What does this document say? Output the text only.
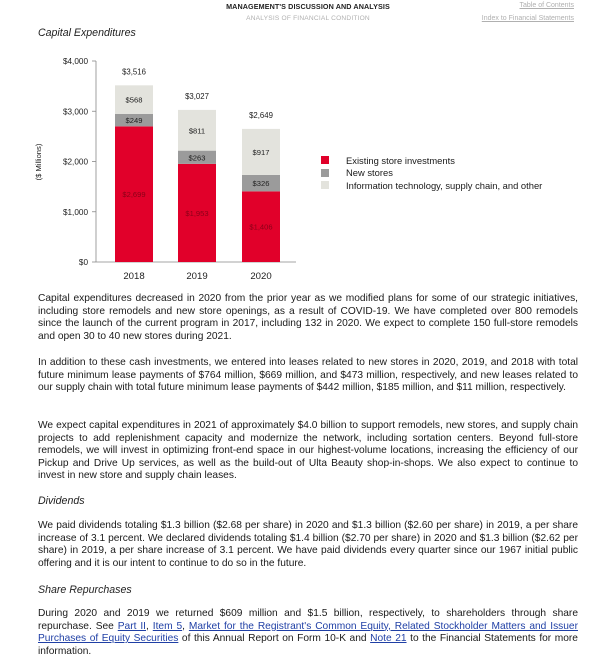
MANAGEMENT'S DISCUSSION AND ANALYSIS
ANALYSIS OF FINANCIAL CONDITION
Table of Contents
Index to Financial Statements
Capital Expenditures
$0
$1,000
$2,000
$3,000
$4,000
($ Millions)
$2,699
$249
$568
$3,516
2018
$1,953
$263
$811
$3,027
2019
$1,406
$326
$917
$2,649
2020
Existing store investments
New stores
Information technology, supply chain, and other

Capital expenditures decreased in 2020 from the prior year as we modified plans for some of our strategic initiatives, including store remodels and new store openings, as a result of COVID-19. We have completed over 800 remodels since the launch of the current program in 2017, including 132 in 2020. We expect to complete 150 full-store remodels and open 30 to 40 new stores during 2021.

In addition to these cash investments, we entered into leases related to new stores in 2020, 2019, and 2018 with total future minimum lease payments of $764 million, $669 million, and $473 million, respectively, and new leases related to our supply chain with total future minimum lease payments of $442 million, $185 million, and $11 million, respectively.

We expect capital expenditures in 2021 of approximately $4.0 billion to support remodels, new stores, and supply chain projects to add replenishment capacity and modernize the network, including sortation centers. Beyond full-store remodels, we will invest in optimizing front-end space in our highest-volume locations, increasing the efficiency of our Pickup and Drive Up services, as well as the build-out of Ulta Beauty shop-in-shops. We also expect to continue to invest in new store and supply chain leases.

Dividends

We paid dividends totaling $1.3 billion ($2.68 per share) in 2020 and $1.3 billion ($2.60 per share) in 2019, a per share increase of 3.1 percent. We declared dividends totaling $1.4 billion ($2.70 per share) in 2020 and $1.3 billion ($2.62 per share) in 2019, a per share increase of 3.1 percent. We have paid dividends every quarter since our 1967 initial public offering and it is our intent to continue to do so in the future.

Share Repurchases

During 2020 and 2019 we returned $609 million and $1.5 billion, respectively, to shareholders through share repurchase. See Part II, Item 5, Market for the Registrant's Common Equity, Related Stockholder Matters and Issuer Purchases of Equity Securities of this Annual Report on Form 10-K and Note 21 to the Financial Statements for more information.
